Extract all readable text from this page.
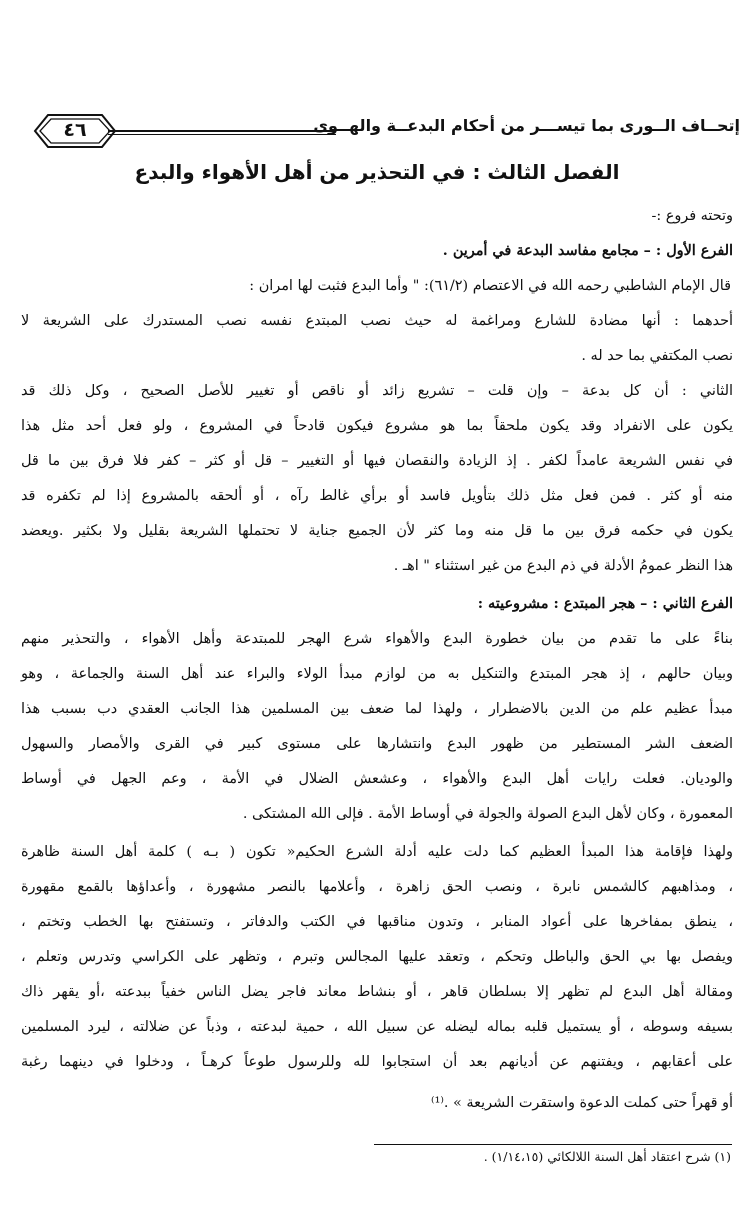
٤٦	إتحــاف الــورى بما تيســـر من أحكام البدعــة والهــوى
الفصل الثالث : في التحذير من أهل الأهواء والبدع
وتحته فروع :-
الفرع الأول : – مجامع مفاسد البدعة في أمرين .
قال الإمام الشاطبي رحمه الله في الاعتصام (٦١/٢): " وأما البدع فثبت لها امران :
أحدهما : أنها مضادة للشارع ومراغمة له حيث نصب المبتدع نفسه نصب المستدرك على الشريعة لا
نصب المكتفي بما حد له .
الثاني : أن كل بدعة – وإن قلت – تشريع زائد أو ناقص أو تغيير للأصل الصحيح ، وكل ذلك قد
يكون على الانفراد وقد يكون ملحقاً بما هو مشروع فيكون قادحاً في المشروع ، ولو فعل أحد مثل هذا
في نفس الشريعة عامداً لكفر . إذ الزيادة والنقصان فيها أو التغيير – قل أو كثر – كفر فلا فرق بين ما قل
منه أو كثر . فمن فعل مثل ذلك بتأويل فاسد أو برأي غالط رآه ، أو ألحقه بالمشروع إذا لم تكفره قد
يكون في حكمه فرق بين ما قل منه وما كثر لأن الجميع جناية لا تحتملها الشريعة بقليل ولا بكثير .ويعضد
هذا النظر عمومُ الأدلة في ذم البدع من غير استثناء " اهـ .
الفرع الثاني : – هجر المبتدع : مشروعيته :
بناءً على ما تقدم من بيان خطورة البدع والأهواء شرع الهجر للمبتدعة وأهل الأهواء ، والتحذير منهم
وبيان حالهم ، إذ هجر المبتدع والتنكيل به من لوازم مبدأ الولاء والبراء عند أهل السنة والجماعة ، وهو
مبدأ عظيم علم من الدين بالاضطرار ، ولهذا لما ضعف بين المسلمين هذا الجانب العقدي دب بسبب هذا
الضعف الشر المستطير من ظهور البدع وانتشارها على مستوى كبير في القرى والأمصار والسهول
والوديان. فعلت رايات أهل البدع والأهواء ، وعشعش الضلال في الأمة ، وعم الجهل في أوساط
المعمورة ، وكان لأهل البدع الصولة والجولة في أوساط الأمة . فإلى الله المشتكى .
ولهذا فإقامة هذا المبدأ العظيم كما دلت عليه أدلة الشرع الحكيم« تكون ( بـه ) كلمة أهل السنة ظاهرة
، ومذاهبهم كالشمس نابرة ، ونصب الحق زاهرة ، وأعلامها بالنصر مشهورة ، وأعداؤها بالقمع مقهورة
، ينطق بمفاخرها على أعواد المنابر ، وتدون مناقبها في الكتب والدفاتر ، وتستفتح بها الخطب وتختم ،
ويفصل بها بي الحق والباطل وتحكم ، وتعقد عليها المجالس وتبرم ، وتظهر على الكراسي وتدرس وتعلم ،
ومقالة أهل البدع لم تظهر إلا بسلطان قاهر ، أو بنشاط معاند فاجر يضل الناس خفياً ببدعته ،أو يقهر ذاك
بسيفه وسوطه ، أو يستميل قلبه بماله ليضله عن سبيل الله ، حمية لبدعته ، وذباً عن ضلالته ، ليرد المسلمين
على أعقابهم ، ويفتنهم عن أديانهم بعد أن استجابوا لله وللرسول طوعاً كرهـاً ، ودخلوا في دينهما رغبة
أو قهراً حتى كملت الدعوة واستقرت الشريعة » .⁽¹⁾
(١) شرح اعتقاد أهل السنة اللالكائي (١/١٤،١٥) .
